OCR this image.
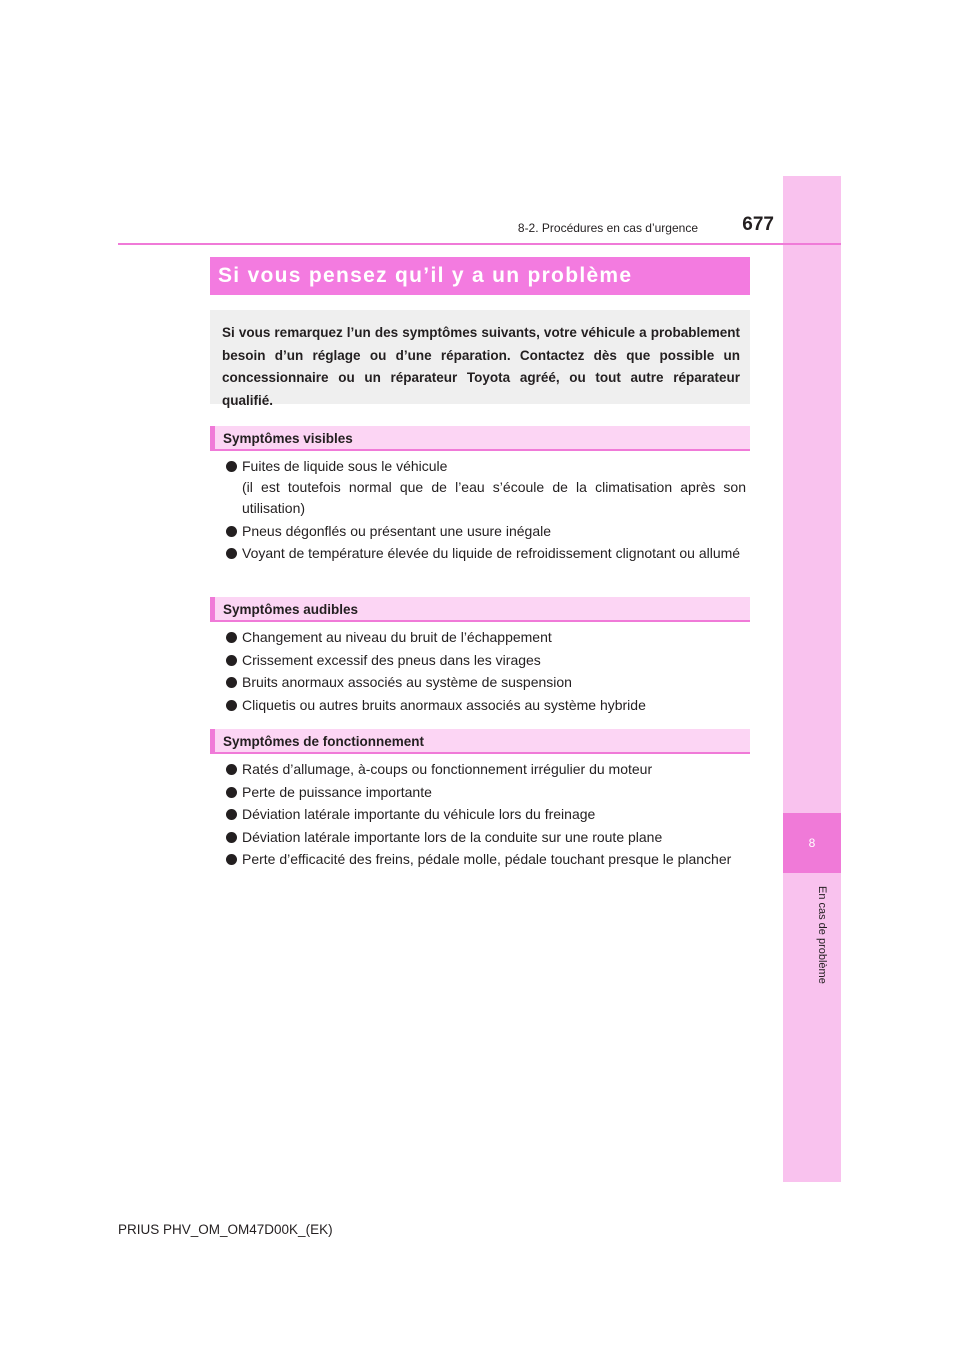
8
En cas de problème
8-2. Procédures en cas d’urgence	677
Si vous pensez qu’il y a un problème
Si vous remarquez l’un des symptômes suivants, votre véhicule a probablement besoin d’un réglage ou d’une réparation. Contactez dès que possible un concessionnaire ou un réparateur Toyota agréé, ou tout autre réparateur qualifié.
Symptômes visibles
Fuites de liquide sous le véhicule
(il est toutefois normal que de l’eau s’écoule de la climatisation après son utilisation)
Pneus dégonflés ou présentant une usure inégale
Voyant de température élevée du liquide de refroidissement clignotant ou allumé
Symptômes audibles
Changement au niveau du bruit de l’échappement
Crissement excessif des pneus dans les virages
Bruits anormaux associés au système de suspension
Cliquetis ou autres bruits anormaux associés au système hybride
Symptômes de fonctionnement
Ratés d’allumage, à-coups ou fonctionnement irrégulier du moteur
Perte de puissance importante
Déviation latérale importante du véhicule lors du freinage
Déviation latérale importante lors de la conduite sur une route plane
Perte d’efficacité des freins, pédale molle, pédale touchant presque le plancher
PRIUS PHV_OM_OM47D00K_(EK)
